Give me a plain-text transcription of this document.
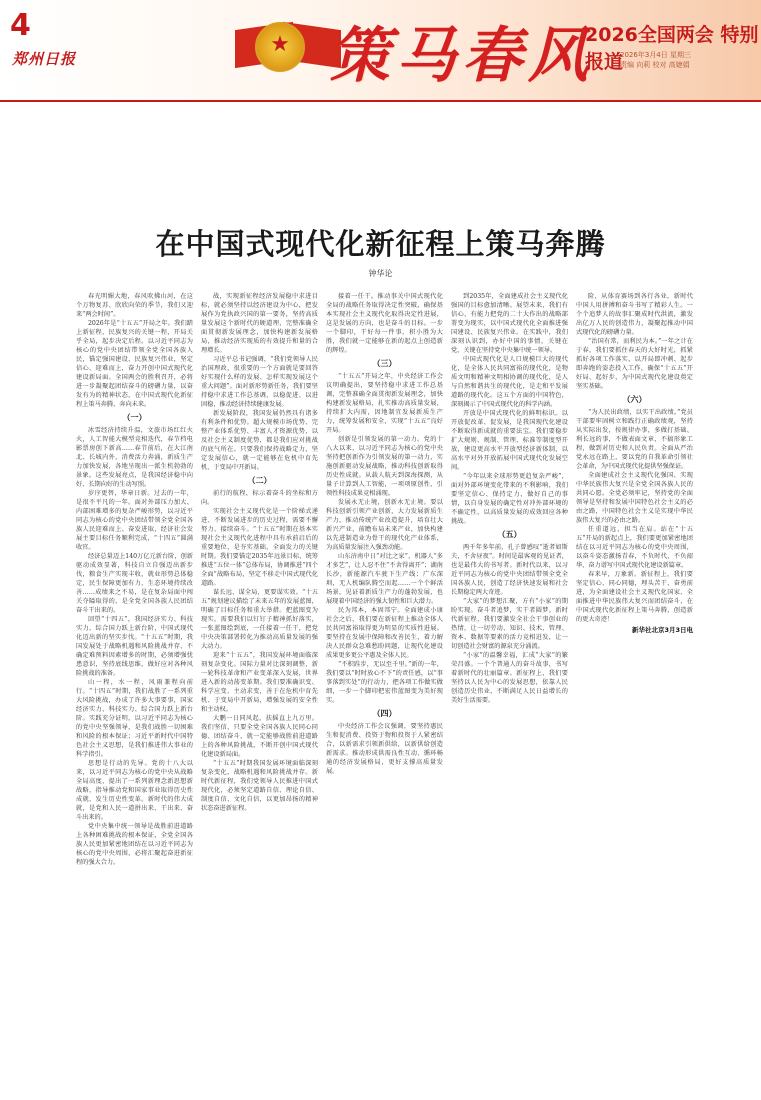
4
郑州日报
★ 策马春风
2026全国两会 特别报道
2026年3月4日 星期三
责编 向莉 校对 高婕娟
在中国式现代化新征程上策马奔腾
钟华论

春光明媚大地，春风吹拂山河，在这个万物复苏、欣欣向荣的季节，我们又迎来“两会时间”。

2026年是“十五五”开局之年。我们踏上新征程，民族复兴的关键一程，开局关乎全局，起步决定后程。以习近平同志为核心的党中央团结带领全党全国各族人民，锚定强国建设、民族复兴伟业，坚定信心、迎难而上，奋力开创中国式现代化建设新局面。全国两会的胜利召开，必将进一步凝聚起团结奋斗的磅礴力量，以奋发有为的精神状态，在中国式现代化新征程上策马奔腾，奔向未来。

（一）

冰雪经济持续升温，文旅市场红红火火，人工智能大模型竞相迭代，春节档电影票房创下新高……春节前后，在大江南北、长城内外，消费活力奔涌，新质生产力加快发展，各地呈现出一派生机勃勃的景象。这些发展亮点，是我国经济稳中向好、长期向好的生动写照。

岁序更替，华章日新。过去的一年，是很不平凡的一年。面对外部压力加大、内部困难增多的复杂严峻形势，以习近平同志为核心的党中央团结带领全党全国各族人民迎难而上、奋发进取，经济社会发展主要目标任务顺利完成，“十四五”圆满收官。

经济总量迈上140万亿元新台阶，创新驱动成效显著，科技自立自强迈出新步伐，粮食生产实现丰收，就业形势总体稳定，民生保障更加有力，生态环境持续改善……成绩来之不易，是在复杂局面中闯关夺隘取得的，是全党全国各族人民团结奋斗干出来的。

回望“十四五”，我国经济实力、科技实力、综合国力跃上新台阶，中国式现代化迈出新的坚实步伐。“十五五”时期，我国发展处于战略机遇和风险挑战并存、不确定难预料因素增多的时期，必须增强忧患意识，坚持底线思维，做好应对各种风险挑战的准备。

山一程，水一程，风雨兼程向前行。“十四五”时期，我们战胜了一系列重大风险挑战，办成了许多大事要事，国家经济实力、科技实力、综合国力跃上新台阶。实践充分证明，以习近平同志为核心的党中央坚强领导，是我们战胜一切困难和风险的根本保证；习近平新时代中国特色社会主义思想，是我们推进伟大事业的科学指引。

思想是行动的先导。党的十八大以来，以习近平同志为核心的党中央从战略全局高度，提出了一系列新理念新思想新战略，指导推动党和国家事业取得历史性成就、发生历史性变革。新时代的伟大成就，是党和人民一道拼出来、干出来、奋斗出来的。

党中央集中统一领导是战胜前进道路上各种困难挑战的根本保证，全党全国各族人民更加紧密地团结在以习近平同志为核心的党中央周围，必将汇聚起奋进新征程的强大合力。

战，实现新征程经济发展稳中求进目标，就必须坚持以经济建设为中心，把发展作为党执政兴国的第一要务，坚持高质量发展这个新时代的硬道理，完整准确全面贯彻新发展理念，加快构建新发展格局，推动经济实现质的有效提升和量的合理增长。

习近平总书记强调，“我们党领导人民治国理政，很重要的一个方面就是要回答好实现什么样的发展、怎样实现发展这个重大问题”。面对新形势新任务，我们要坚持稳中求进工作总基调，以稳促进、以进固稳，推动经济持续健康发展。

新发展阶段，我国发展仍然具有诸多有利条件和优势。超大规模市场优势、完整产业体系优势、丰富人才资源优势，以及社会主义制度优势，都是我们应对挑战的底气所在。只要我们保持战略定力，坚定发展信心，就一定能够在危机中育先机、于变局中开新局。

（二）

前行的航程，标示着奋斗的坐标和方向。

实现社会主义现代化是一个阶梯式递进、不断发展进步的历史过程，需要不懈努力、接续奋斗。“十五五”时期在基本实现社会主义现代化进程中具有承前启后的重要地位，是夯实基础、全面发力的关键时期。我们要锚定2035年远景目标，统筹推进“五位一体”总体布局，协调推进“四个全面”战略布局，坚定不移走中国式现代化道路。

谋长远、谋全局，更要谋实效。“十五五”规划建议描绘了未来五年的发展蓝图，明确了目标任务和重大举措。把蓝图变为现实，需要我们以钉钉子精神抓好落实，一张蓝图绘到底，一任接着一任干，把党中央决策部署转化为推动高质量发展的强大动力。

迎来“十五五”，我国发展环境面临深刻复杂变化。国际力量对比深刻调整，新一轮科技革命和产业变革深入发展，世界进入新的动荡变革期。我们要准确识变、科学应变、主动求变，善于在危机中育先机、于变局中开新局，增强发展的安全性和主动权。

大鹏一日同风起，扶摇直上九万里。我们坚信，只要全党全国各族人民同心同德、团结奋斗，就一定能够战胜前进道路上的各种风险挑战，不断开创中国式现代化建设新局面。

“十五五”时期我国发展环境面临深刻复杂变化，战略机遇和风险挑战并存。新时代新征程，我们党领导人民推进中国式现代化，必须坚定道路自信、理论自信、制度自信、文化自信，以更加昂扬的精神状态奋进新征程。

接着一任干。推动事关中国式现代化全局的战略任务取得决定性突破，确保基本实现社会主义现代化取得决定性进展，这是发展的方向，也是奋斗的目标。一步一个脚印，干好每一件事，积小胜为大胜，我们就一定能够在新的起点上创造新的辉煌。

（三）

“十五五”开局之年，中央经济工作会议明确提出，要坚持稳中求进工作总基调，完整准确全面贯彻新发展理念，加快构建新发展格局，扎实推动高质量发展，持续扩大内需，因地制宜发展新质生产力，统筹发展和安全，实现“十五五”良好开局。

创新是引领发展的第一动力。党的十八大以来，以习近平同志为核心的党中央坚持把创新作为引领发展的第一动力，实施创新驱动发展战略，推动科技创新取得历史性成就。从载人航天到深海探测，从量子计算到人工智能，一项项原创性、引领性科技成果竞相涌现。

发展永无止境，创新永无止境。要以科技创新引领产业创新，大力发展新质生产力，推动传统产业改造提升，培育壮大新兴产业，前瞻布局未来产业，加快构建以先进制造业为骨干的现代化产业体系，为高质量发展注入强劲动能。

山东济南中日“对比之家”，机器人“多才多艺”，让人忍不住“不舍得离开”；湖南长沙，新能源汽车驶下生产线；广东深圳，无人机编队腾空而起……一个个鲜活场景，见证着新质生产力的蓬勃发展，也展现着中国经济的强大韧性和巨大潜力。

民为邦本，本固邦宁。全面建成小康社会之后，我们要在新征程上推动全体人民共同富裕取得更为明显的实质性进展。要坚持在发展中保障和改善民生，着力解决人民群众急难愁盼问题，让现代化建设成果更多更公平惠及全体人民。

“不积跬步，无以至千里。”新的一年，我们要以“时时放心不下”的责任感，以“事事落到实处”的行动力，把各项工作做实做细，一步一个脚印把宏伟蓝图变为美好现实。

（四）

中央经济工作会议强调，要坚持惠民生和促消费、投资于物和投资于人紧密结合，以新需求引领新供给，以新供给创造新需求。推动形成供需良性互动、循环畅通的经济发展格局，更好支撑高质量发展。

到2035年，全面建成社会主义现代化强国的目标愈加清晰。展望未来，我们有信心、有能力把党的二十大作出的战略部署变为现实，以中国式现代化全面推进强国建设、民族复兴伟业。在实践中，我们深刻认识到，办好中国的事情，关键在党，关键在坚持党中央集中统一领导。

中国式现代化是人口规模巨大的现代化，是全体人民共同富裕的现代化，是物质文明和精神文明相协调的现代化，是人与自然和谐共生的现代化，是走和平发展道路的现代化。这五个方面的中国特色，深刻揭示了中国式现代化的科学内涵。

开放是中国式现代化的鲜明标识。以开放促改革、促发展，是我国现代化建设不断取得新成就的重要法宝。我们要稳步扩大规则、规制、管理、标准等制度型开放，建设更高水平开放型经济新体制，以高水平对外开放拓展中国式现代化发展空间。

“今年以来全球形势更趋复杂严峻”，面对外部环境变化带来的不利影响，我们要坚定信心、保持定力，做好自己的事情，以自身发展的确定性对冲外部环境的不确定性，以高质量发展的成效回应各种挑战。

（五）

两千年多年前，孔子曾感叹“逝者如斯夫，不舍昼夜”。时间是最客观的见证者，也是最伟大的书写者。新时代以来，以习近平同志为核心的党中央团结带领全党全国各族人民，创造了经济快速发展和社会长期稳定两大奇迹。

“大家”的梦想汇聚，方有“小家”的期盼实现。奋斗者追梦，实干者圆梦。新时代新征程，我们要激发全社会干事创业的热情，让一切劳动、知识、技术、管理、资本、数据等要素的活力竞相迸发，让一切创造社会财富的源泉充分涌流。

“小家”的温馨幸福，汇成“大家”的繁荣昌盛。一个个普通人的奋斗故事，书写着新时代的壮丽篇章。新征程上，我们要坚持以人民为中心的发展思想，依靠人民创造历史伟业，不断满足人民日益增长的美好生活需要。

险，从体育赛场到各行各业，新时代中国人用拼搏和奋斗书写了精彩人生。一个个追梦人的故事汇聚成时代洪流，激发出亿万人民的创造伟力，凝聚起推动中国式现代化的磅礴力量。

“治国有常，而利民为本。”一年之计在于春，我们要抓住春天的大好时光，抓紧抓好各项工作落实，以开局即冲刺、起步即奔跑的姿态投入工作，确保“十五五”开好局、起好步，为中国式现代化建设奠定坚实基础。

（六）

“为人民出政绩，以实干出政绩。”党员干部要牢固树立和践行正确政绩观，坚持从实际出发，按规律办事，多做打基础、利长远的事，不做表面文章，不搞形象工程，做到对历史和人民负责。全面从严治党永远在路上，要以党的自我革命引领社会革命，为中国式现代化提供坚强保证。

全面建成社会主义现代化强国、实现中华民族伟大复兴是全党全国各族人民的共同心愿。全党必须牢记，坚持党的全面领导是坚持和发展中国特色社会主义的必由之路，中国特色社会主义是实现中华民族伟大复兴的必由之路。

任重道远，担当在肩。站在“十五五”开局的新起点上，我们要更加紧密地团结在以习近平同志为核心的党中央周围，以奋斗姿态激扬青春，不负时代，不负韶华，奋力谱写中国式现代化建设新篇章。

春来早，万象新。新征程上，我们要坚定信心、同心同德，埋头苦干、奋勇前进，为全面建设社会主义现代化国家、全面推进中华民族伟大复兴而团结奋斗，在中国式现代化新征程上策马奔腾，创造新的更大奇迹！

新华社北京3月3日电
